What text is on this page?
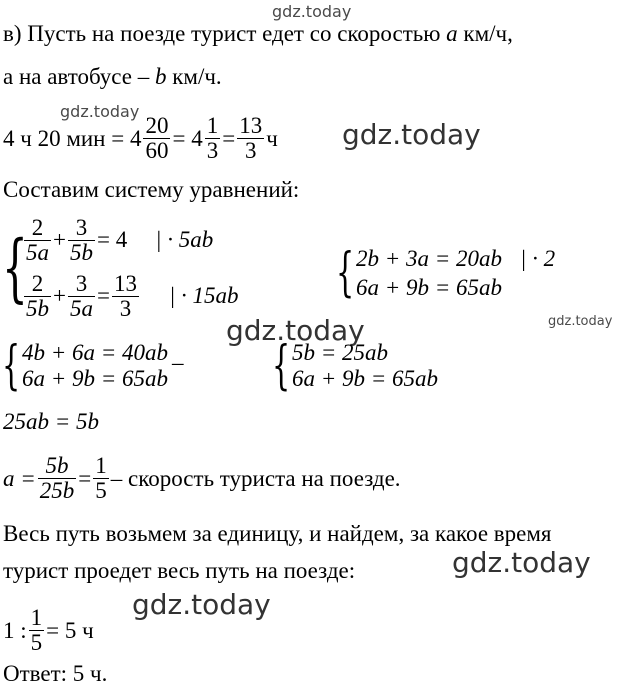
gdz.today
gdz.today
gdz.today
gdz.today
gdz.today
gdz.today
gdz.today
в) Пусть на поезде турист едет со скоростью a км/ч,
а на автобусе – b км/ч.
4 ч 20 мин = $4 \frac{20}{60} = 4 \frac{1}{3} = \frac{13}{3}$ ч
Составим систему уравнений:
{
$\frac{2}{5a} + \frac{3}{5b} = 4$ | · 5ab
$\frac{2}{5b} + \frac{3}{5a} = \frac{13}{3}$ | · 15ab { 2b + 3a = 20ab | · 2
6a + 9b = 65ab
{ 4b + 6a = 40ab
6a + 9b = 65ab
– { 5b = 25ab
6a + 9b = 65ab
25ab = 5b
$a = \frac{5b}{25b} = \frac{1}{5}$ – скорость туриста на поезде.
Весь путь возьмем за единицу, и найдем, за какое время
турист проедет весь путь на поезде:
1 : $\frac{1}{5} = 5$ ч
Ответ: 5 ч.
